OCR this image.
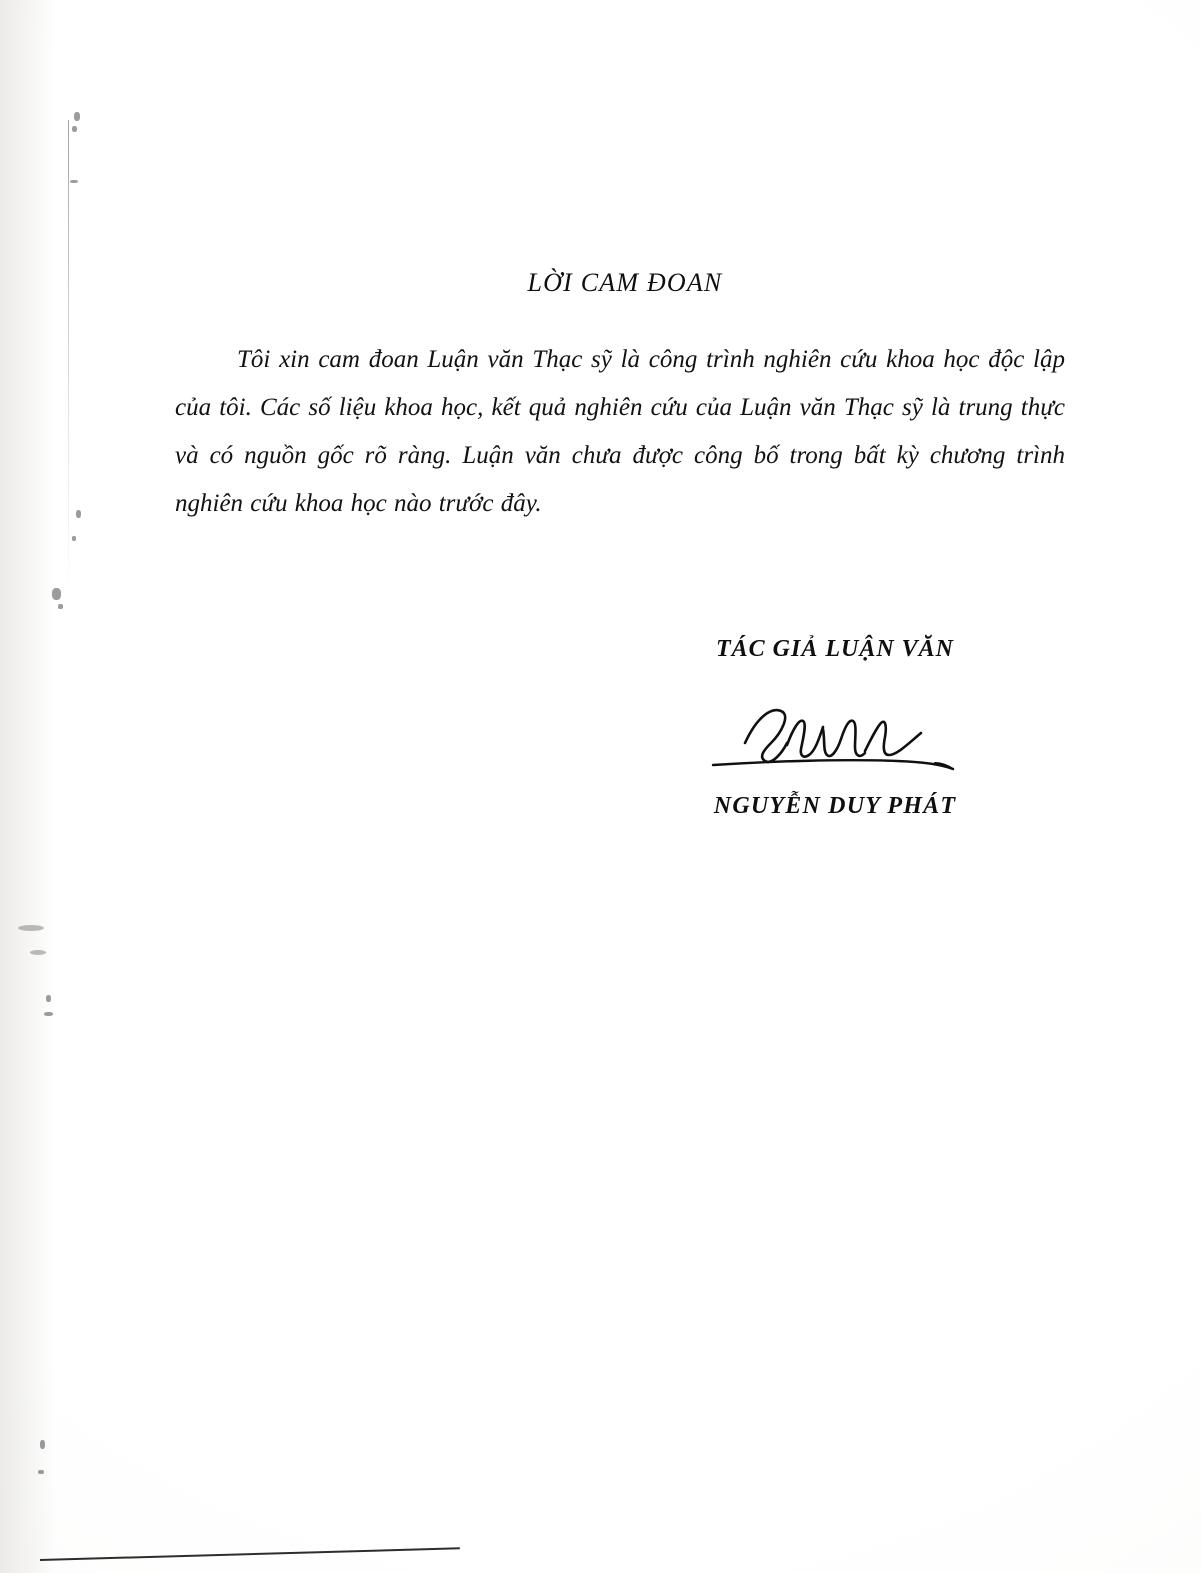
LỜI CAM ĐOAN

Tôi xin cam đoan Luận văn Thạc sỹ là công trình nghiên cứu khoa học độc lập của tôi. Các số liệu khoa học, kết quả nghiên cứu của Luận văn Thạc sỹ là trung thực và có nguồn gốc rõ ràng. Luận văn chưa được công bố trong bất kỳ chương trình nghiên cứu khoa học nào trước đây.

TÁC GIẢ LUẬN VĂN
NGUYỄN DUY PHÁT
